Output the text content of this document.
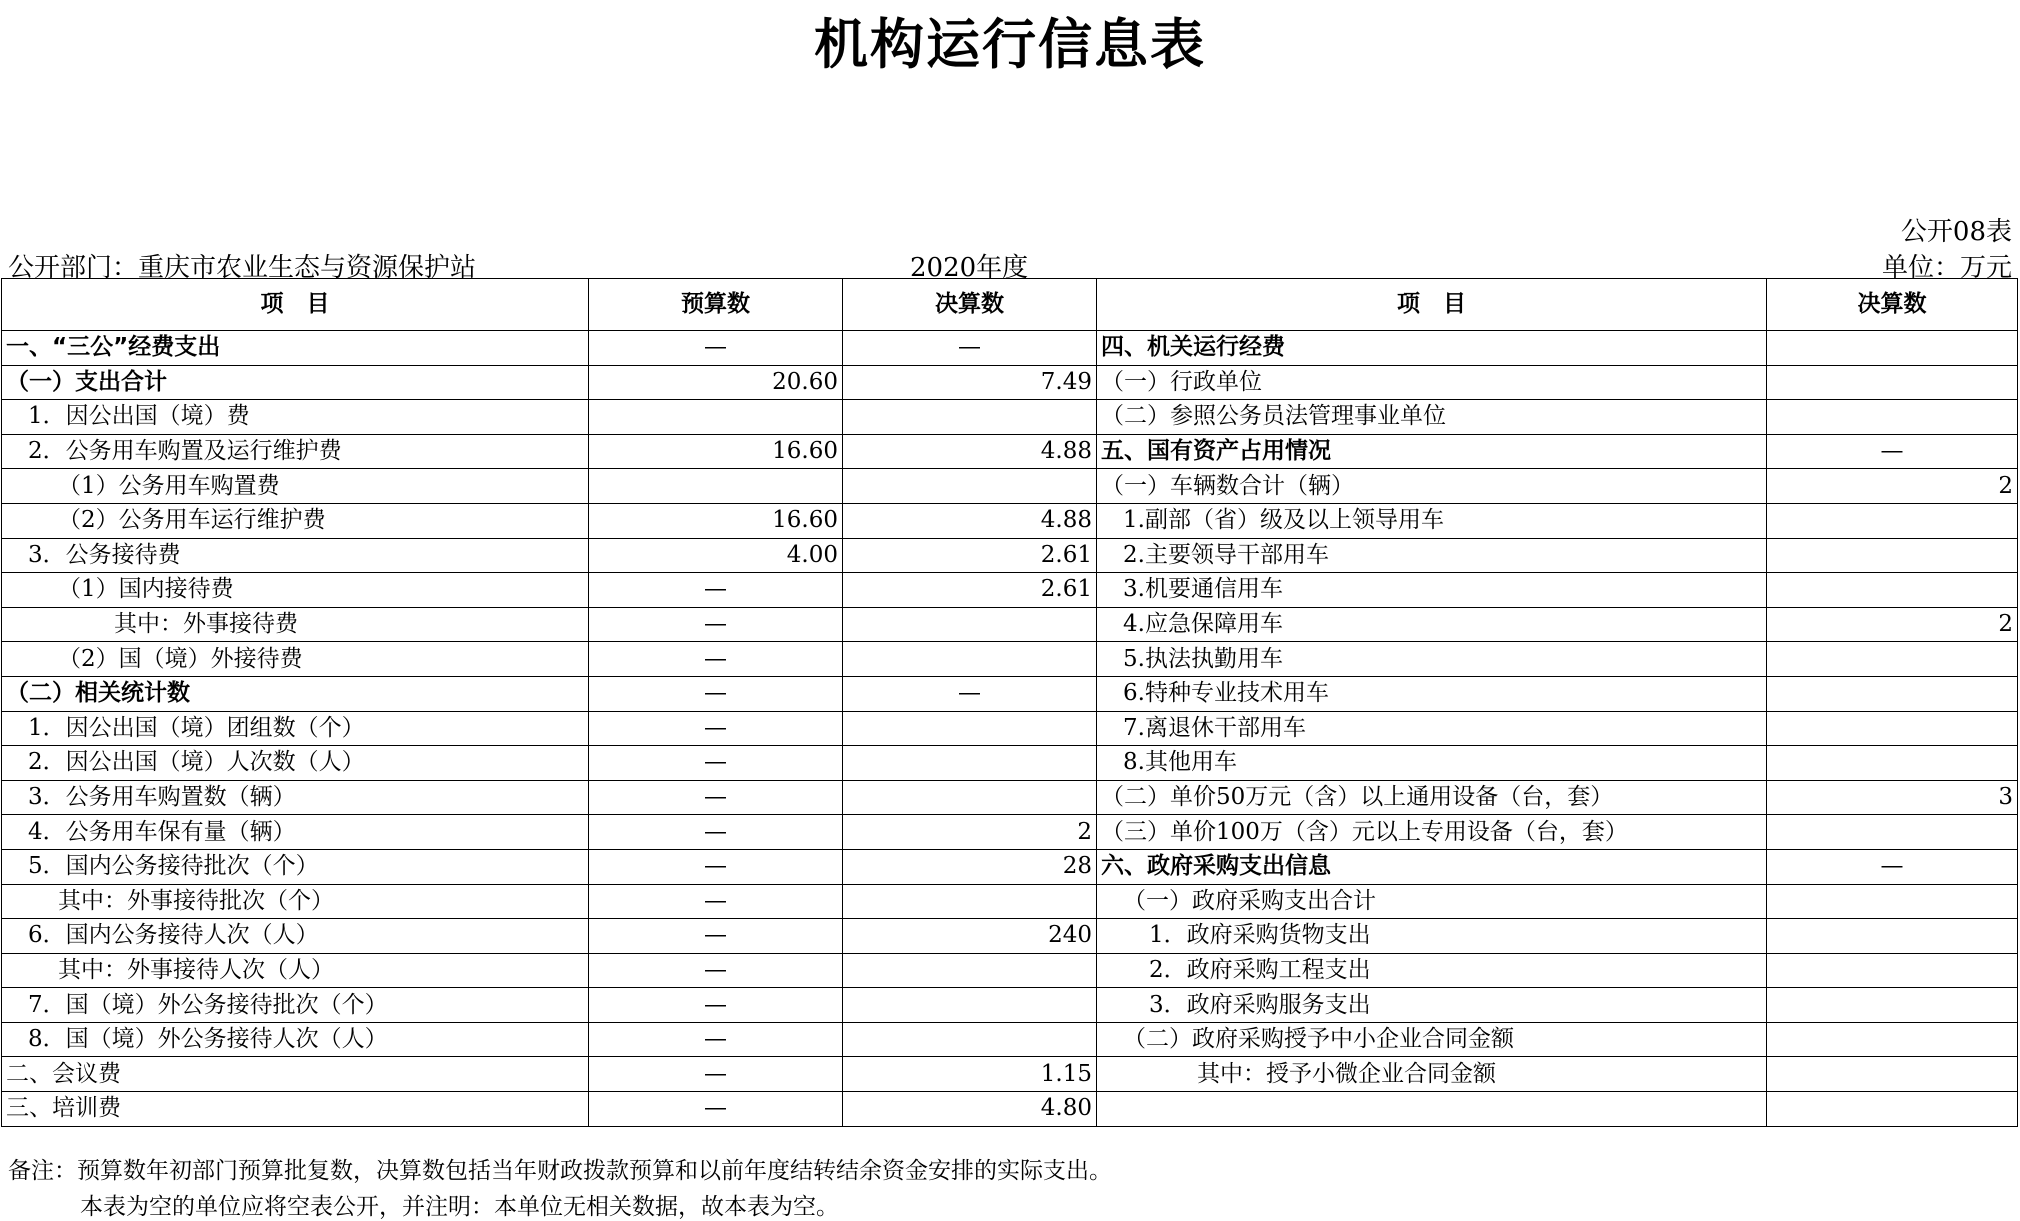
机构运行信息表
公开08表
公开部门：重庆市农业生态与资源保护站	2020年度	单位：万元
项　目	预算数	决算数	项　目	决算数
一、“三公”经费支出	—	—	四、机关运行经费	
（一）支出合计	20.60	7.49	（一）行政单位	
1．因公出国（境）费			（二）参照公务员法管理事业单位	
2．公务用车购置及运行维护费	16.60	4.88	五、国有资产占用情况	—
（1）公务用车购置费			（一）车辆数合计（辆）	2
（2）公务用车运行维护费	16.60	4.88	1.副部（省）级及以上领导用车	
3．公务接待费	4.00	2.61	2.主要领导干部用车	
（1）国内接待费	—	2.61	3.机要通信用车	
其中：外事接待费	—		4.应急保障用车	2
（2）国（境）外接待费	—		5.执法执勤用车	
（二）相关统计数	—	—	6.特种专业技术用车	
1．因公出国（境）团组数（个）	—		7.离退休干部用车	
2．因公出国（境）人次数（人）	—		8.其他用车	
3．公务用车购置数（辆）	—		（二）单价50万元（含）以上通用设备（台，套）	3
4．公务用车保有量（辆）	—	2	（三）单价100万（含）元以上专用设备（台，套）	
5．国内公务接待批次（个）	—	28	六、政府采购支出信息	—
其中：外事接待批次（个）	—		（一）政府采购支出合计	
6．国内公务接待人次（人）	—	240	1．政府采购货物支出	
其中：外事接待人次（人）	—		2．政府采购工程支出	
7．国（境）外公务接待批次（个）	—		3．政府采购服务支出	
8．国（境）外公务接待人次（人）	—		（二）政府采购授予中小企业合同金额	
二、会议费	—	1.15	其中：授予小微企业合同金额	
三、培训费	—	4.80		
备注：预算数年初部门预算批复数，决算数包括当年财政拨款预算和以前年度结转结余资金安排的实际支出。
本表为空的单位应将空表公开，并注明：本单位无相关数据，故本表为空。
